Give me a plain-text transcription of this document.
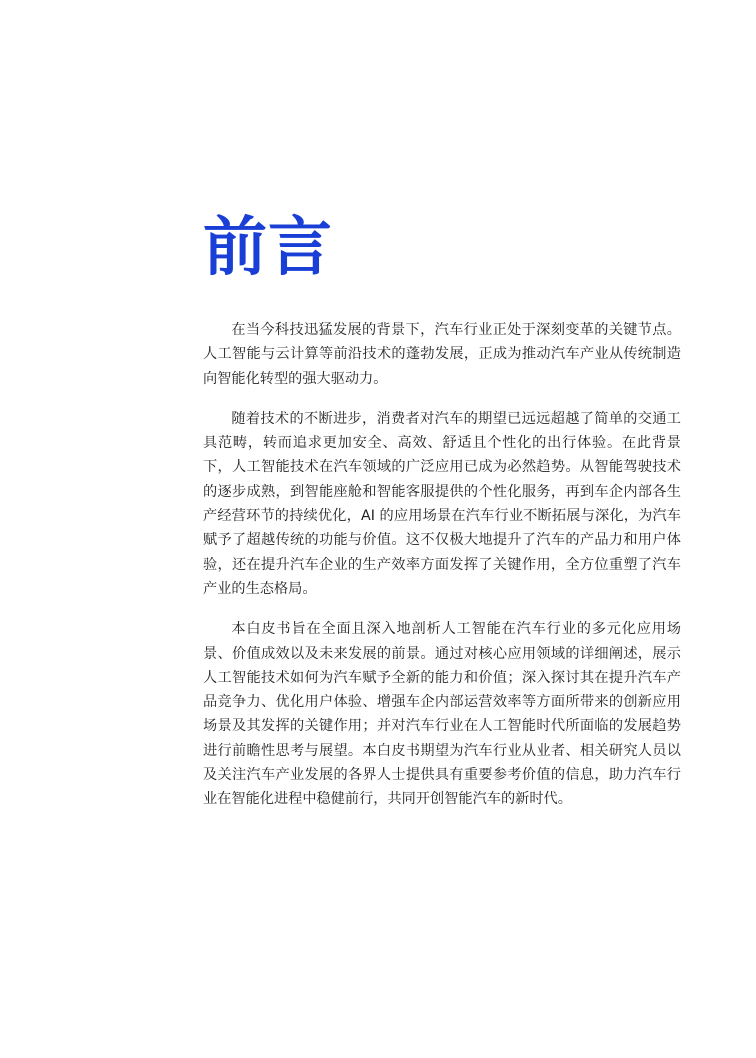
前言

在当今科技迅猛发展的背景下，汽车行业正处于深刻变革的关键节点。人工智能与云计算等前沿技术的蓬勃发展，正成为推动汽车产业从传统制造向智能化转型的强大驱动力。

随着技术的不断进步，消费者对汽车的期望已远远超越了简单的交通工具范畴，转而追求更加安全、高效、舒适且个性化的出行体验。在此背景下，人工智能技术在汽车领域的广泛应用已成为必然趋势。从智能驾驶技术的逐步成熟，到智能座舱和智能客服提供的个性化服务，再到车企内部各生产经营环节的持续优化，AI 的应用场景在汽车行业不断拓展与深化，为汽车赋予了超越传统的功能与价值。这不仅极大地提升了汽车的产品力和用户体验，还在提升汽车企业的生产效率方面发挥了关键作用，全方位重塑了汽车产业的生态格局。

本白皮书旨在全面且深入地剖析人工智能在汽车行业的多元化应用场景、价值成效以及未来发展的前景。通过对核心应用领域的详细阐述，展示人工智能技术如何为汽车赋予全新的能力和价值；深入探讨其在提升汽车产品竞争力、优化用户体验、增强车企内部运营效率等方面所带来的创新应用场景及其发挥的关键作用；并对汽车行业在人工智能时代所面临的发展趋势进行前瞻性思考与展望。本白皮书期望为汽车行业从业者、相关研究人员以及关注汽车产业发展的各界人士提供具有重要参考价值的信息，助力汽车行业在智能化进程中稳健前行，共同开创智能汽车的新时代。
